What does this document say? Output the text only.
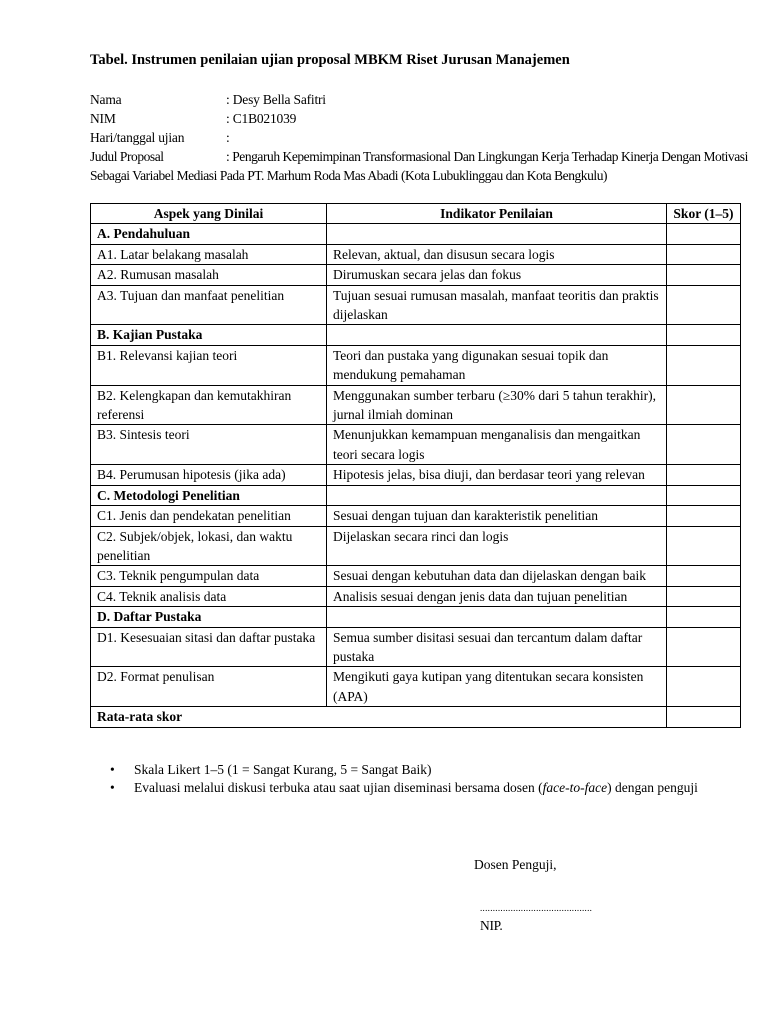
Tabel. Instrumen penilaian ujian proposal MBKM Riset Jurusan Manajemen
Nama	: Desy Bella Safitri
NIM	: C1B021039
Hari/tanggal ujian	:
Judul Proposal	: Pengaruh Kepemimpinan Transformasional Dan Lingkungan Kerja Terhadap Kinerja Dengan Motivasi Sebagai Variabel Mediasi Pada PT. Marhum Roda Mas Abadi (Kota Lubuklinggau dan Kota Bengkulu)
Aspek yang Dinilai	Indikator Penilaian	Skor (1–5)
A. Pendahuluan		
A1. Latar belakang masalah	Relevan, aktual, dan disusun secara logis	
A2. Rumusan masalah	Dirumuskan secara jelas dan fokus	
A3. Tujuan dan manfaat penelitian	Tujuan sesuai rumusan masalah, manfaat teoritis dan praktis dijelaskan	
B. Kajian Pustaka		
B1. Relevansi kajian teori	Teori dan pustaka yang digunakan sesuai topik dan mendukung pemahaman	
B2. Kelengkapan dan kemutakhiran referensi	Menggunakan sumber terbaru (≥30% dari 5 tahun terakhir), jurnal ilmiah dominan	
B3. Sintesis teori	Menunjukkan kemampuan menganalisis dan mengaitkan teori secara logis	
B4. Perumusan hipotesis (jika ada)	Hipotesis jelas, bisa diuji, dan berdasar teori yang relevan	
C. Metodologi Penelitian		
C1. Jenis dan pendekatan penelitian	Sesuai dengan tujuan dan karakteristik penelitian	
C2. Subjek/objek, lokasi, dan waktu penelitian	Dijelaskan secara rinci dan logis	
C3. Teknik pengumpulan data	Sesuai dengan kebutuhan data dan dijelaskan dengan baik	
C4. Teknik analisis data	Analisis sesuai dengan jenis data dan tujuan penelitian	
D. Daftar Pustaka		
D1. Kesesuaian sitasi dan daftar pustaka	Semua sumber disitasi sesuai dan tercantum dalam daftar pustaka	
D2. Format penulisan	Mengikuti gaya kutipan yang ditentukan secara konsisten (APA)	
Rata-rata skor		
• Skala Likert 1–5 (1 = Sangat Kurang, 5 = Sangat Baik)
• Evaluasi melalui diskusi terbuka atau saat ujian diseminasi bersama dosen (face-to-face) dengan penguji
Dosen Penguji,
............................................
NIP.
